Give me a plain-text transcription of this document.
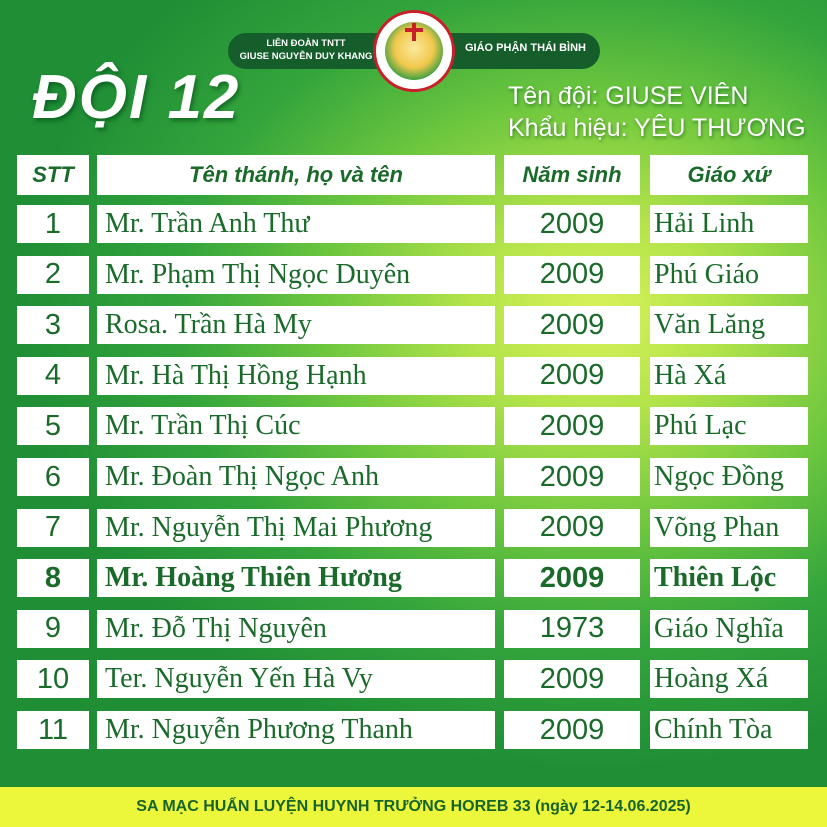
LIÊN ĐOÀN TNTT
GIUSE NGUYỄN DUY KHANG
GIÁO PHẬN THÁI BÌNH
ĐỘI 12	Tên đội: GIUSE VIÊN
Khẩu hiệu: YÊU THƯƠNG
STT	Tên thánh, họ và tên	Năm sinh	Giáo xứ
1	Mr. Trần Anh Thư	2009	Hải Linh
2	Mr. Phạm Thị Ngọc Duyên	2009	Phú Giáo
3	Rosa. Trần Hà My	2009	Văn Lăng
4	Mr. Hà Thị Hồng Hạnh	2009	Hà Xá
5	Mr. Trần Thị Cúc	2009	Phú Lạc
6	Mr. Đoàn Thị Ngọc Anh	2009	Ngọc Đồng
7	Mr. Nguyễn Thị Mai Phương	2009	Võng Phan
8	Mr. Hoàng Thiên Hương	2009	Thiên Lộc
9	Mr. Đỗ Thị Nguyên	1973	Giáo Nghĩa
10	Ter. Nguyễn Yến Hà Vy	2009	Hoàng Xá
11	Mr. Nguyễn Phương Thanh	2009	Chính Tòa
SA MẠC HUẤN LUYỆN HUYNH TRƯỞNG HOREB 33 (ngày 12-14.06.2025)
